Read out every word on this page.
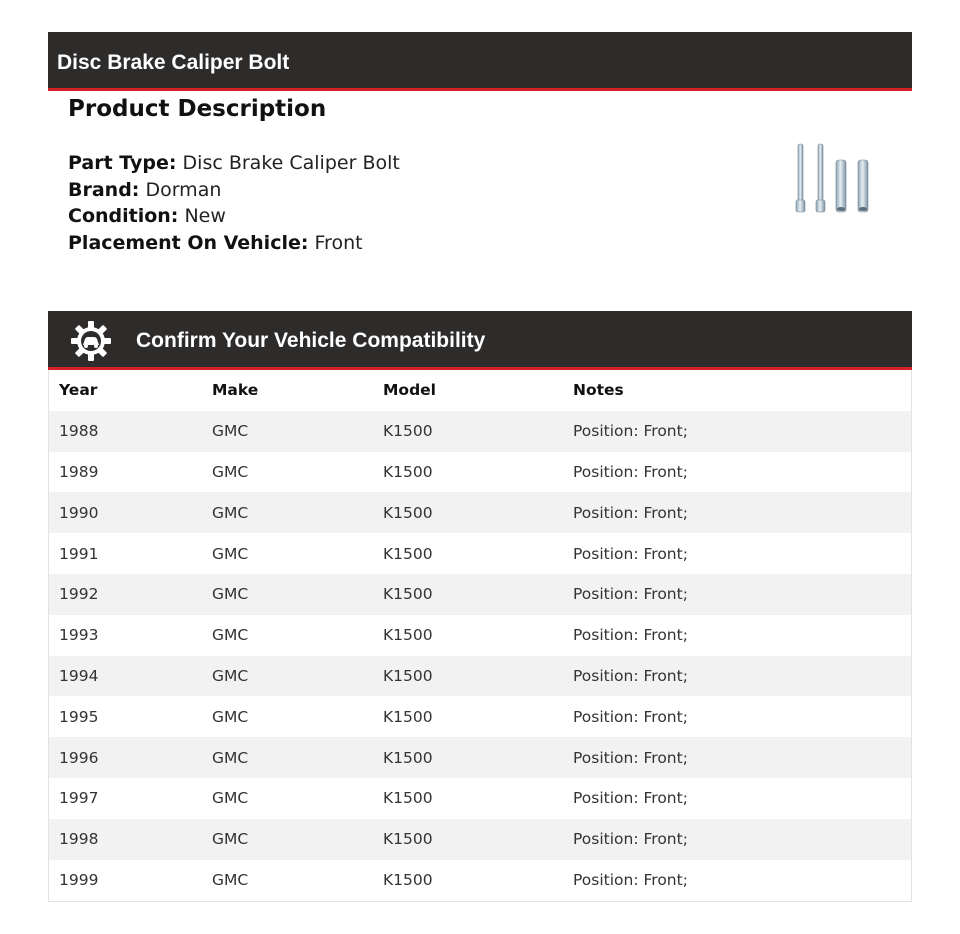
Disc Brake Caliper Bolt
Product Description
Part Type: Disc Brake Caliper Bolt
Brand: Dorman
Condition: New
Placement On Vehicle: Front
Confirm Your Vehicle Compatibility
Year	Make	Model	Notes
1988	GMC	K1500	Position: Front;
1989	GMC	K1500	Position: Front;
1990	GMC	K1500	Position: Front;
1991	GMC	K1500	Position: Front;
1992	GMC	K1500	Position: Front;
1993	GMC	K1500	Position: Front;
1994	GMC	K1500	Position: Front;
1995	GMC	K1500	Position: Front;
1996	GMC	K1500	Position: Front;
1997	GMC	K1500	Position: Front;
1998	GMC	K1500	Position: Front;
1999	GMC	K1500	Position: Front;
